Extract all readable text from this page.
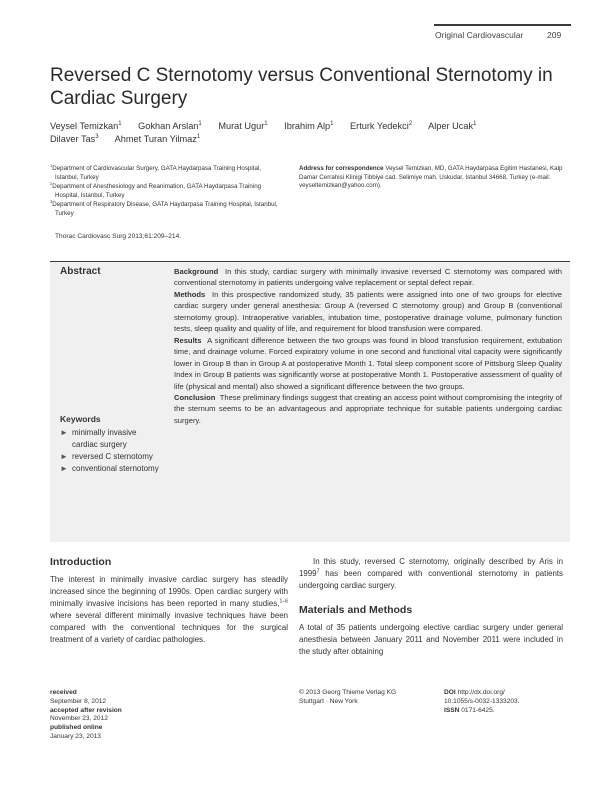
Original Cardiovascular	209
Reversed C Sternotomy versus Conventional Sternotomy in Cardiac Surgery
Veysel Temizkan$^1$ Gokhan Arslan$^1$ Murat Ugur$^1$ Ibrahim Alp$^1$ Erturk Yedekci$^2$ Alper Ucak$^1$
Dilaver Tas$^3$ Ahmet Turan Yilmaz$^1$
$^1$Department of Cardiovascular Surgery, GATA Haydarpasa Training Hospital, Istanbul, Turkey
$^2$Department of Anesthesiology and Reanimation, GATA Haydarpasa Training Hospital, Istanbul, Turkey
$^3$Department of Respiratory Disease, GATA Haydarpasa Training Hospital, Istanbul, Turkey
Address for correspondence Veysel Temizkan, MD, GATA Haydarpasa Egitim Hastanesi, Kalp Damar Cerrahisi Klinigi Tibbiye cad. Selimiye mah. Uskudar, Istanbul 34668, Turkey (e-mail: veyseltemizkan@yahoo.com).
Thorac Cardiovasc Surg 2013;61:209–214.
Abstract	Background In this study, cardiac surgery with minimally invasive reversed C sternotomy was compared with conventional sternotomy in patients undergoing valve replacement or septal defect repair.
Methods In this prospective randomized study, 35 patients were assigned into one of two groups for elective cardiac surgery under general anesthesia: Group A (reversed C sternotomy group) and Group B (conventional sternotomy group). Intraoperative variables, intubation time, postoperative drainage volume, pulmonary function tests, sleep quality and quality of life, and requirement for blood transfusion were compared.
Results A significant difference between the two groups was found in blood transfusion requirement, extubation time, and drainage volume. Forced expiratory volume in one second and functional vital capacity were significantly lower in Group B than in Group A at postoperative Month 1. Total sleep component score of Pittsburg Sleep Quality Index in Group B patients was significantly worse at postoperative Month 1. Postoperative assessment of quality of life (physical and mental) also showed a significant difference between the two groups.
Conclusion These preliminary findings suggest that creating an access point without compromising the integrity of the sternum seems to be an advantageous and appropriate technique for suitable patients undergoing cardiac surgery.
Keywords
► minimally invasive cardiac surgery
► reversed C sternotomy
► conventional sternotomy
Introduction
The interest in minimally invasive cardiac surgery has steadily increased since the beginning of 1990s. Open cardiac surgery with minimally invasive incisions has been reported in many studies,$^{1-6}$ where several different minimally invasive techniques have been compared with the conventional techniques for the surgical treatment of a variety of cardiac pathologies.
In this study, reversed C sternotomy, originally described by Aris in 1999$^7$ has been compared with conventional sternotomy in patients undergoing cardiac surgery.
Materials and Methods
A total of 35 patients undergoing elective cardiac surgery under general anesthesia between January 2011 and November 2011 were included in the study after obtaining
received
September 8, 2012
accepted after revision
November 23, 2012
published online
January 23, 2013
© 2013 Georg Thieme Verlag KG
Stuttgart · New York
DOI http://dx.doi.org/
10.1055/s-0032-1333203.
ISSN 0171-6425.
